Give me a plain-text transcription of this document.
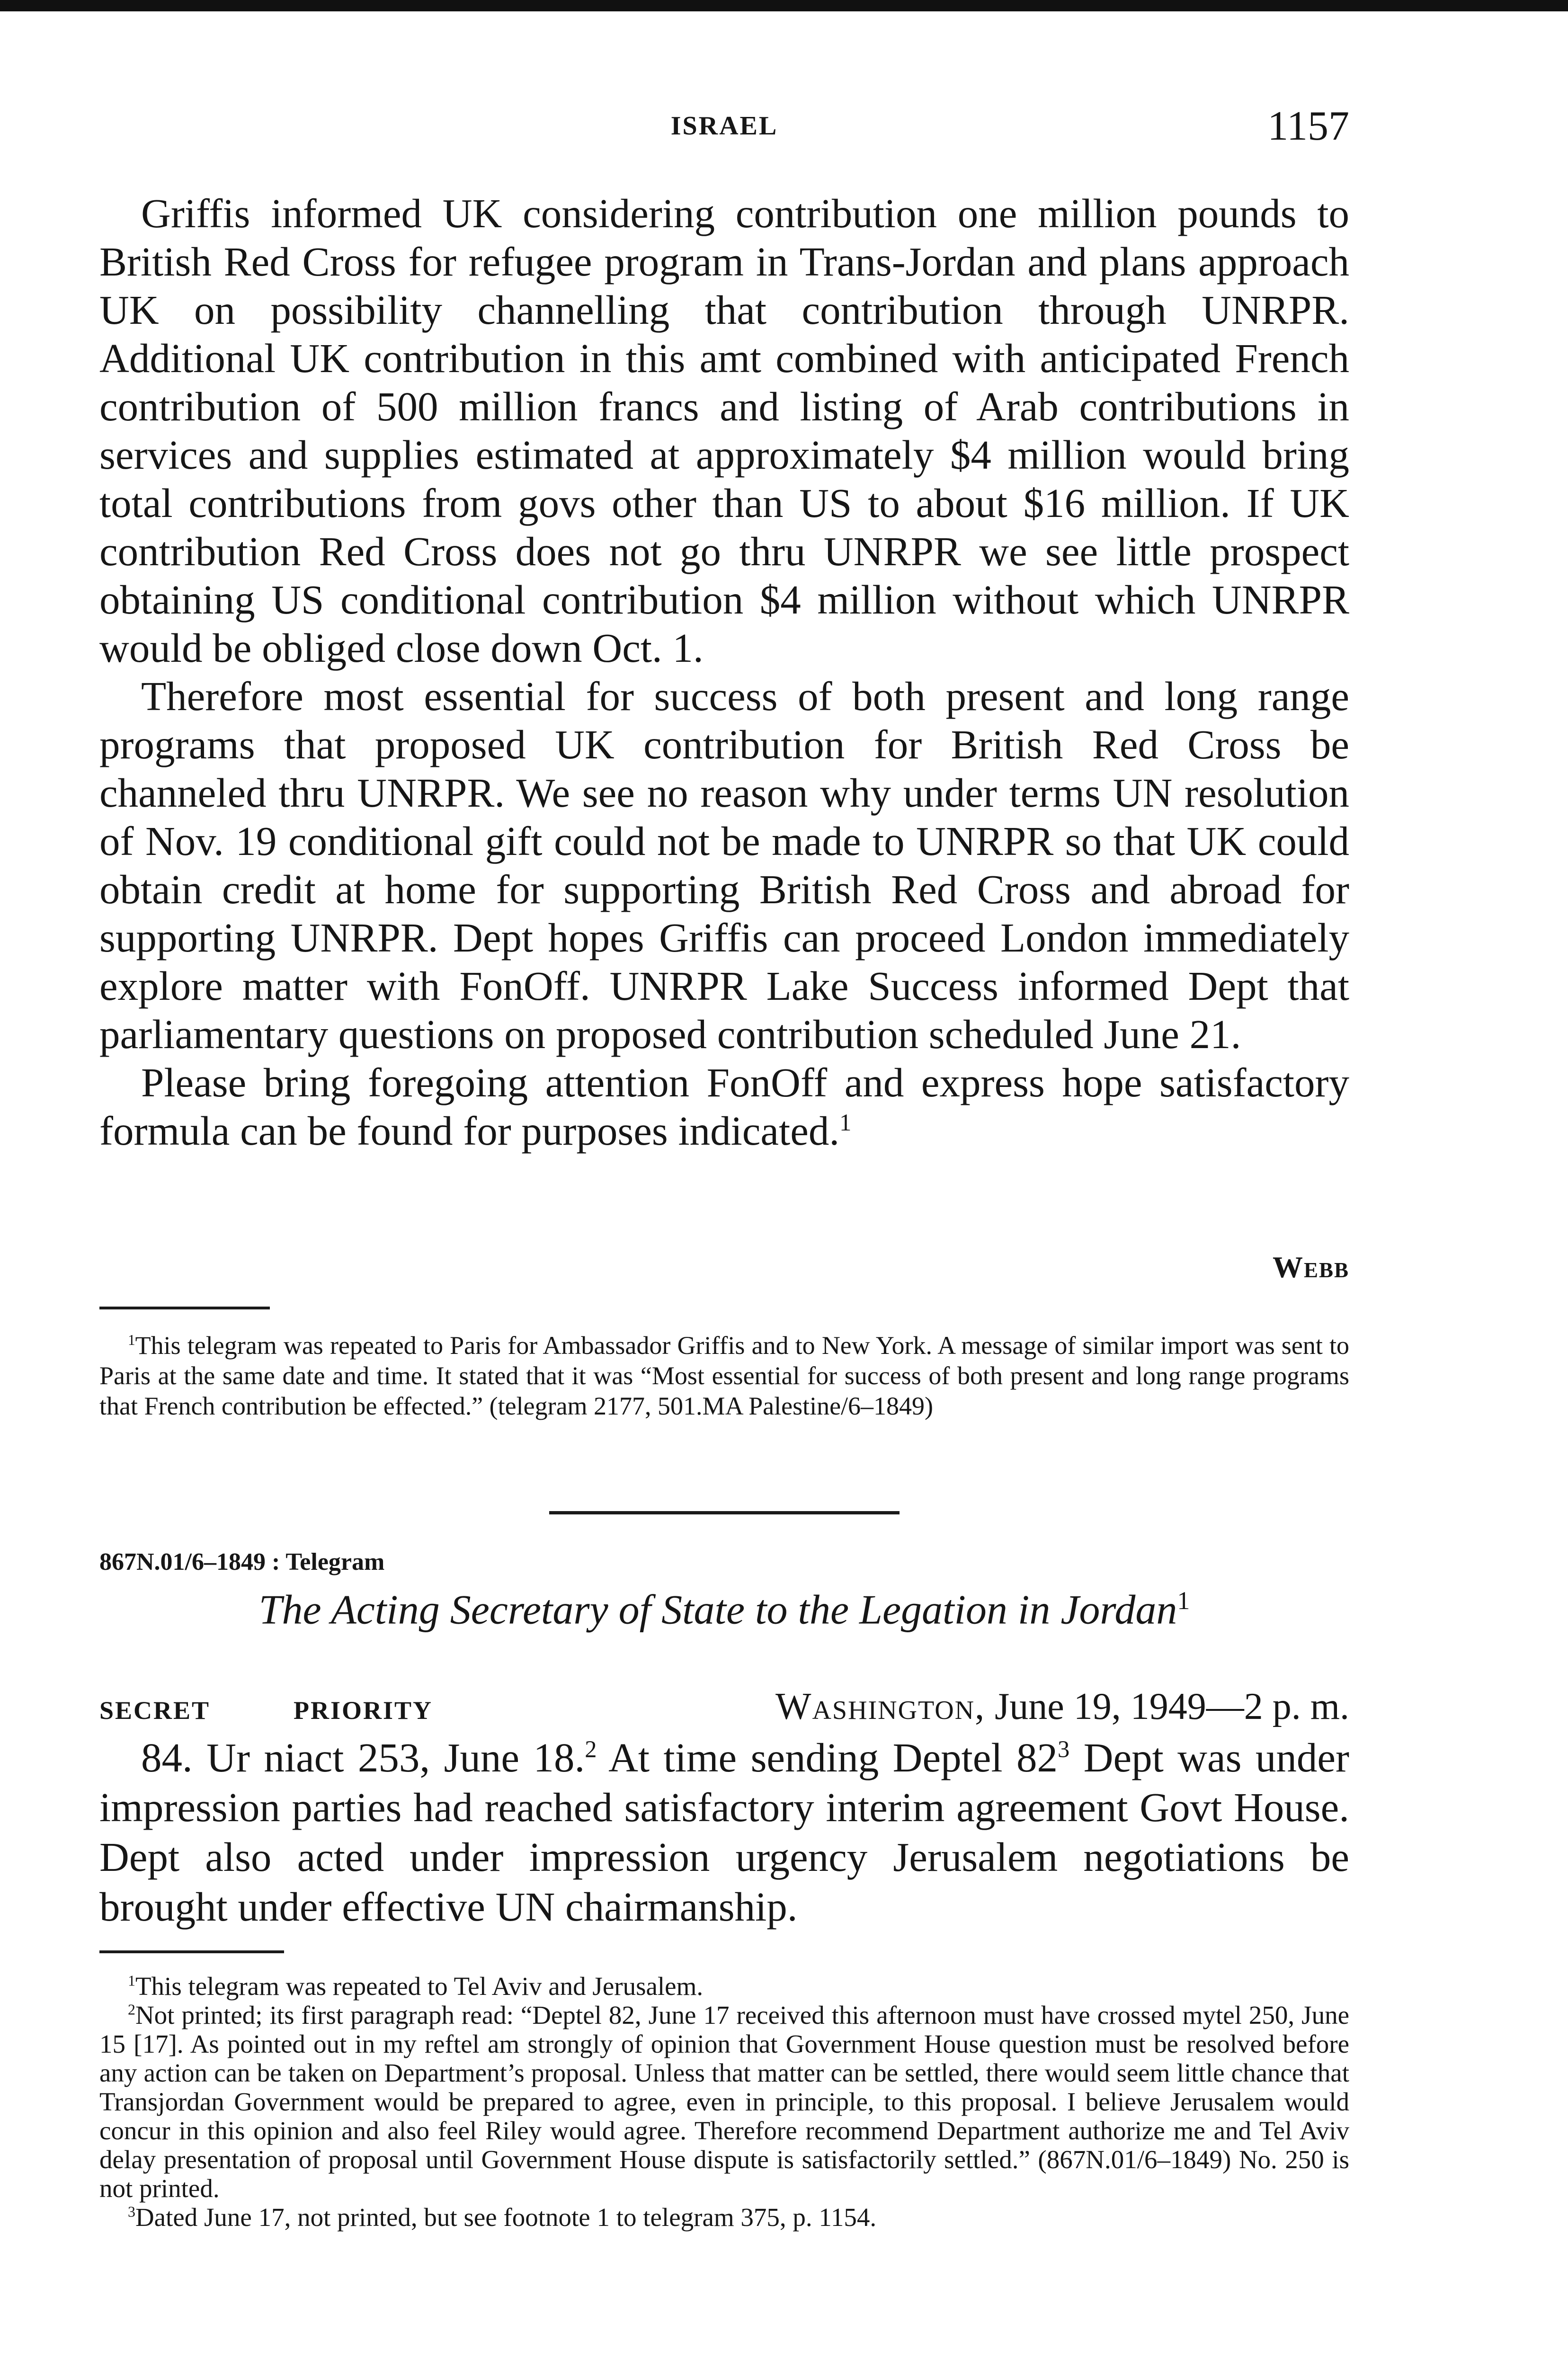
ISRAEL	1157

Griffis informed UK considering contribution one million pounds to British Red Cross for refugee program in Trans-Jordan and plans approach UK on possibility channelling that contribution through UNRPR. Additional UK contribution in this amt combined with anticipated French contribution of 500 million francs and listing of Arab contributions in services and supplies estimated at approximately $4 million would bring total contributions from govs other than US to about $16 million. If UK contribution Red Cross does not go thru UNRPR we see little prospect obtaining US conditional contribution $4 million without which UNRPR would be obliged close down Oct. 1.

Therefore most essential for success of both present and long range programs that proposed UK contribution for British Red Cross be channeled thru UNRPR. We see no reason why under terms UN resolution of Nov. 19 conditional gift could not be made to UNRPR so that UK could obtain credit at home for supporting British Red Cross and abroad for supporting UNRPR. Dept hopes Griffis can proceed London immediately explore matter with FonOff. UNRPR Lake Success informed Dept that parliamentary questions on proposed contribution scheduled June 21.

Please bring foregoing attention FonOff and express hope satisfactory formula can be found for purposes indicated.$^1$

Webb

$^1$This telegram was repeated to Paris for Ambassador Griffis and to New York. A message of similar import was sent to Paris at the same date and time. It stated that it was “Most essential for success of both present and long range programs that French contribution be effected.” (telegram 2177, 501.MA Palestine/6–1849)

867N.01/6–1849 : Telegram
The Acting Secretary of State to the Legation in Jordan$^1$
SECRET	PRIORITY	Washington, June 19, 1949—2 p. m.

84. Ur niact 253, June 18.$^2$ At time sending Deptel $82^3$ Dept was under impression parties had reached satisfactory interim agreement Govt House. Dept also acted under impression urgency Jerusalem negotiations be brought under effective UN chairmanship.

$^1$This telegram was repeated to Tel Aviv and Jerusalem.

$^2$Not printed; its first paragraph read: “Deptel 82, June 17 received this afternoon must have crossed mytel 250, June 15 [17]. As pointed out in my reftel am strongly of opinion that Government House question must be resolved before any action can be taken on Department’s proposal. Unless that matter can be settled, there would seem little chance that Transjordan Government would be prepared to agree, even in principle, to this proposal. I believe Jerusalem would concur in this opinion and also feel Riley would agree. Therefore recommend Department authorize me and Tel Aviv delay presentation of proposal until Government House dispute is satisfactorily settled.” (867N.01/6–1849) No. 250 is not printed.

$^3$Dated June 17, not printed, but see footnote 1 to telegram 375, p. 1154.
